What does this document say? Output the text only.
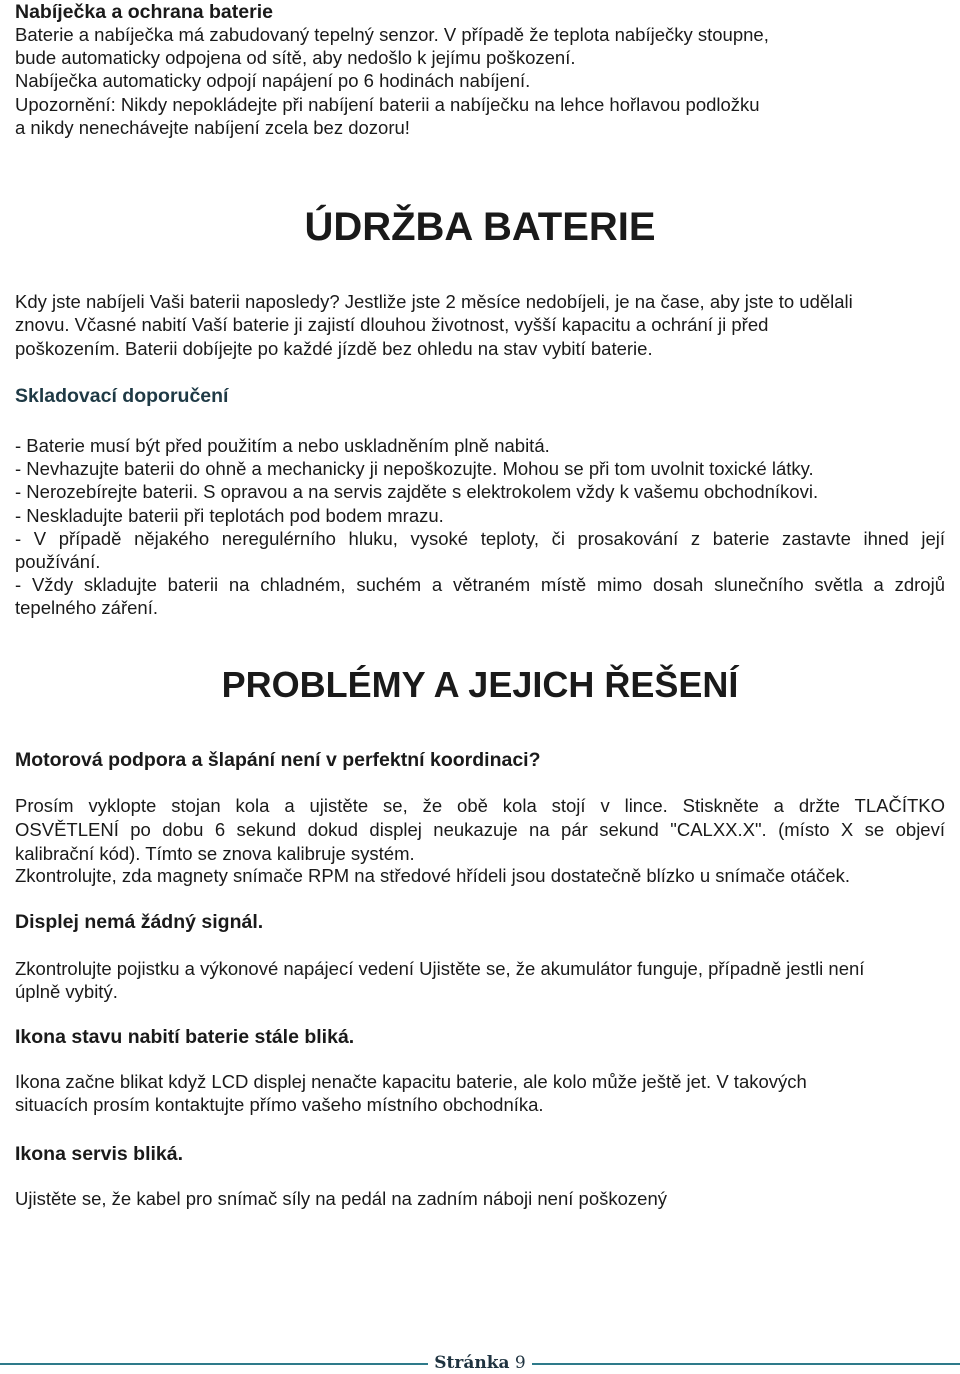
Nabíječka a ochrana baterie

Baterie a nabíječka má zabudovaný tepelný senzor. V případě že teplota nabíječky stoupne,

bude automaticky odpojena od sítě, aby nedošlo k jejímu poškození.

Nabíječka automaticky odpojí napájení po 6 hodinách nabíjení.

Upozornění: Nikdy nepokládejte při nabíjení baterii a nabíječku na lehce hořlavou podložku

a nikdy nenechávejte nabíjení zcela bez dozoru!

ÚDRŽBA BATERIE

Kdy jste nabíjeli Vaši baterii naposledy? Jestliže jste 2 měsíce nedobíjeli, je na čase, aby jste to udělali

znovu. Včasné nabití Vaší baterie ji zajistí dlouhou životnost, vyšší kapacitu a ochrání ji před

poškozením. Baterii dobíjejte po každé jízdě bez ohledu na stav vybití baterie.

Skladovací doporučení

- Baterie musí být před použitím a nebo uskladněním plně nabitá.

- Nevhazujte baterii do ohně a mechanicky ji nepoškozujte. Mohou se při tom uvolnit toxické látky.

- Nerozebírejte baterii. S opravou a na servis zajděte s elektrokolem vždy k vašemu obchodníkovi.

- Neskladujte baterii při teplotách pod bodem mrazu.

- V případě nějakého neregulérního hluku, vysoké teploty, či prosakování z baterie zastavte ihned její

používání.

- Vždy skladujte baterii na chladném, suchém a větraném místě mimo dosah slunečního světla a zdrojů

tepelného záření.

PROBLÉMY A JEJICH ŘEŠENÍ

Motorová podpora a šlapání není v perfektní koordinaci?

Prosím vyklopte stojan kola a ujistěte se, že obě kola stojí v lince. Stiskněte a držte TLAČÍTKO

OSVĚTLENÍ po dobu 6 sekund dokud displej neukazuje na pár sekund "CALXX.X". (místo X se objeví

kalibrační kód). Tímto se znova kalibruje systém.

Zkontrolujte, zda magnety snímače RPM na středové hřídeli jsou dostatečně blízko u snímače otáček.

Displej nemá žádný signál.

Zkontrolujte pojistku a výkonové napájecí vedení Ujistěte se, že akumulátor funguje, případně jestli není

úplně vybitý.

Ikona stavu nabití baterie stále bliká.

Ikona začne blikat když LCD displej nenačte kapacitu baterie, ale kolo může ještě jet. V takových

situacích prosím kontaktujte přímo vašeho místního obchodníka.

Ikona servis bliká.

Ujistěte se, že kabel pro snímač síly na pedál na zadním náboji není poškozený

Stránka 9
